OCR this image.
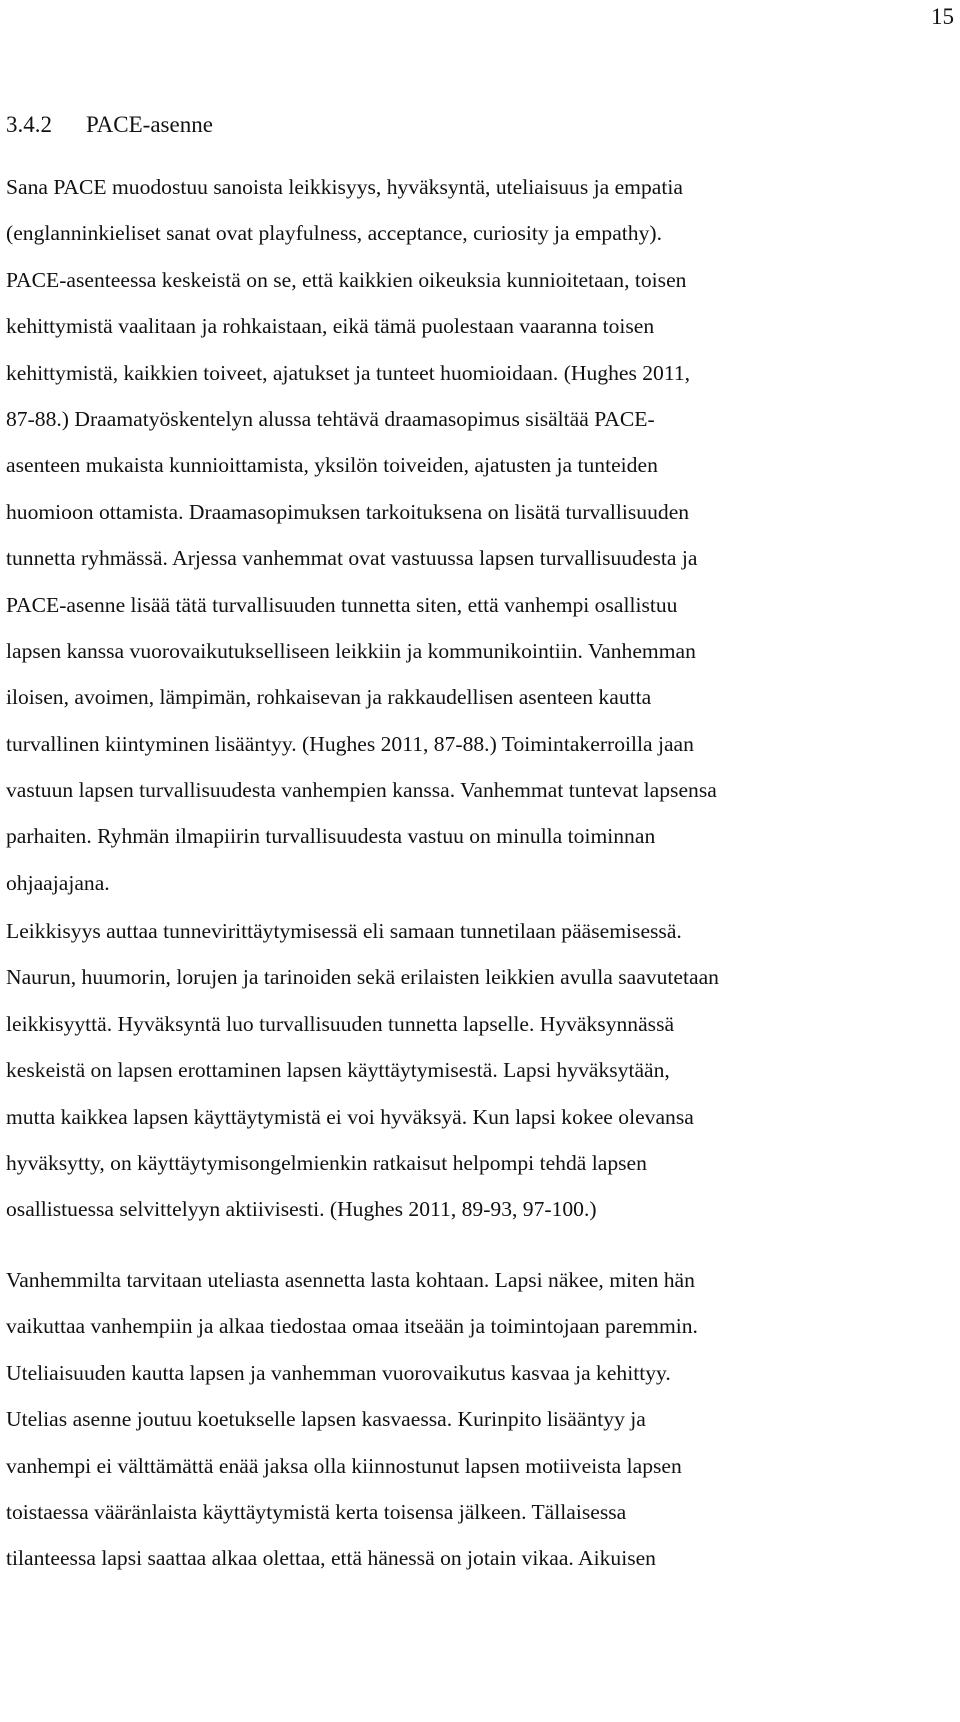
15
3.4.2 PACE-asenne
Sana PACE muodostuu sanoista leikkisyys, hyväksyntä, uteliaisuus ja empatia
(englanninkieliset sanat ovat playfulness, acceptance, curiosity ja empathy).
PACE-asenteessa keskeistä on se, että kaikkien oikeuksia kunnioitetaan, toisen
kehittymistä vaalitaan ja rohkaistaan, eikä tämä puolestaan vaaranna toisen
kehittymistä, kaikkien toiveet, ajatukset ja tunteet huomioidaan. (Hughes 2011,
87-88.) Draamatyöskentelyn alussa tehtävä draamasopimus sisältää PACE-
asenteen mukaista kunnioittamista, yksilön toiveiden, ajatusten ja tunteiden
huomioon ottamista. Draamasopimuksen tarkoituksena on lisätä turvallisuuden
tunnetta ryhmässä. Arjessa vanhemmat ovat vastuussa lapsen turvallisuudesta ja
PACE-asenne lisää tätä turvallisuuden tunnetta siten, että vanhempi osallistuu
lapsen kanssa vuorovaikutukselliseen leikkiin ja kommunikointiin. Vanhemman
iloisen, avoimen, lämpimän, rohkaisevan ja rakkaudellisen asenteen kautta
turvallinen kiintyminen lisääntyy. (Hughes 2011, 87-88.) Toimintakerroilla jaan
vastuun lapsen turvallisuudesta vanhempien kanssa. Vanhemmat tuntevat lapsensa
parhaiten. Ryhmän ilmapiirin turvallisuudesta vastuu on minulla toiminnan
ohjaajajana.
Leikkisyys auttaa tunnevirittäytymisessä eli samaan tunnetilaan pääsemisessä.
Naurun, huumorin, lorujen ja tarinoiden sekä erilaisten leikkien avulla saavutetaan
leikkisyyttä. Hyväksyntä luo turvallisuuden tunnetta lapselle. Hyväksynnässä
keskeistä on lapsen erottaminen lapsen käyttäytymisestä. Lapsi hyväksytään,
mutta kaikkea lapsen käyttäytymistä ei voi hyväksyä. Kun lapsi kokee olevansa
hyväksytty, on käyttäytymisongelmienkin ratkaisut helpompi tehdä lapsen
osallistuessa selvittelyyn aktiivisesti. (Hughes 2011, 89-93, 97-100.)
Vanhemmilta tarvitaan uteliasta asennetta lasta kohtaan. Lapsi näkee, miten hän
vaikuttaa vanhempiin ja alkaa tiedostaa omaa itseään ja toimintojaan paremmin.
Uteliaisuuden kautta lapsen ja vanhemman vuorovaikutus kasvaa ja kehittyy.
Utelias asenne joutuu koetukselle lapsen kasvaessa. Kurinpito lisääntyy ja
vanhempi ei välttämättä enää jaksa olla kiinnostunut lapsen motiiveista lapsen
toistaessa vääränlaista käyttäytymistä kerta toisensa jälkeen. Tällaisessa
tilanteessa lapsi saattaa alkaa olettaa, että hänessä on jotain vikaa. Aikuisen
